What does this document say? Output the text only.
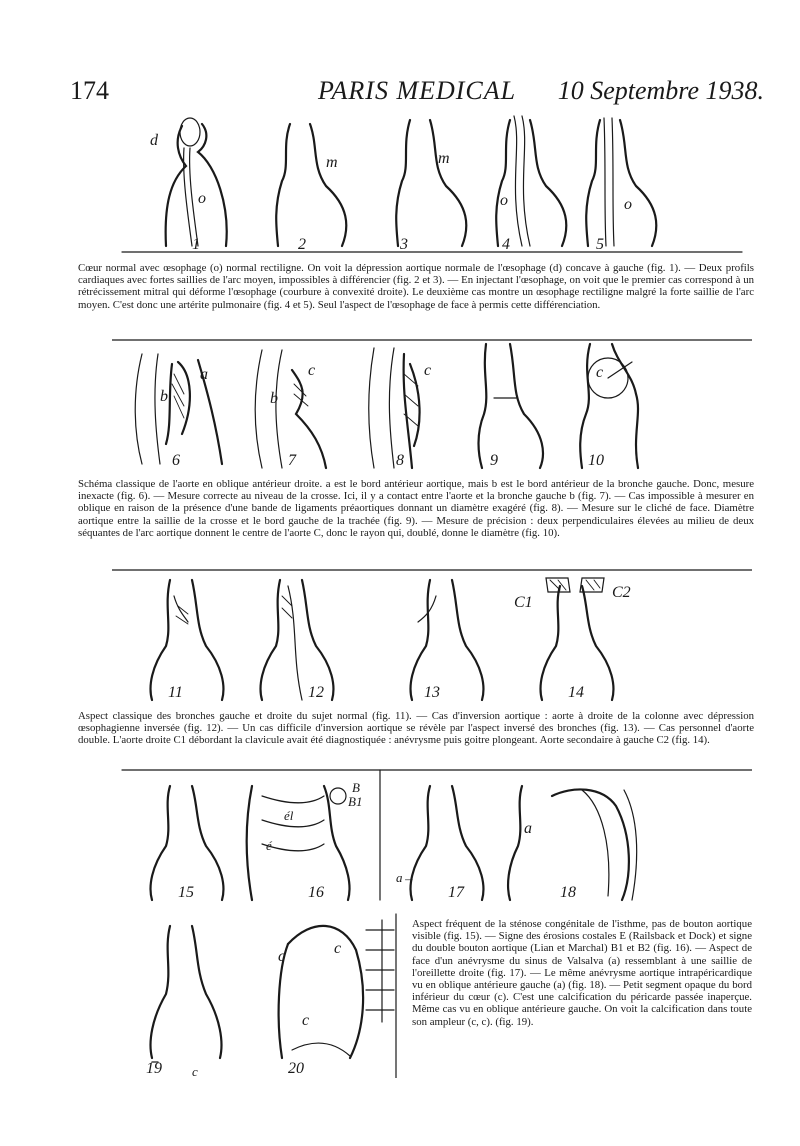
174	PARIS MEDICAL 10 Septembre 1938.
1	2	3	4	5
d
o
m	m
o	o

Cœur normal avec œsophage (o) normal rectiligne. On voit la dépression aortique normale de l'œsophage (d) concave à gauche (fig. 1). — Deux profils cardiaques avec fortes saillies de l'arc moyen, impossibles à différencier (fig. 2 et 3). — En injectant l'œsophage, on voit que le premier cas correspond à un rétrécissement mitral qui déforme l'œsophage (courbure à convexité droite). Le deuxième cas montre un œsophage rectiligne malgré la forte saillie de l'arc moyen. C'est donc une artérite pulmonaire (fig. 4 et 5). Seul l'aspect de l'œsophage de face à permis cette différenciation.

6	7	8	9	10
a
b
c
b
c	c

Schéma classique de l'aorte en oblique antérieur droite. a est le bord antérieur aortique, mais b est le bord antérieur de la bronche gauche. Donc, mesure inexacte (fig. 6). — Mesure correcte au niveau de la crosse. Ici, il y a contact entre l'aorte et la bronche gauche b (fig. 7). — Cas impossible à mesurer en oblique en raison de la présence d'une bande de ligaments préaortiques donnant un diamètre exagéré (fig. 8). — Mesure sur le cliché de face. Diamètre aortique entre la saillie de la crosse et le bord gauche de la trachée (fig. 9). — Mesure de précision : deux perpendiculaires élevées au milieu de deux séquantes de l'arc aortique donnent le centre de l'aorte C, donc le rayon qui, doublé, donne le diamètre (fig. 10).

11	12	13	14
C1
C2

Aspect classique des bronches gauche et droite du sujet normal (fig. 11). — Cas d'inversion aortique : aorte à droite de la colonne avec dépression œsophagienne inversée (fig. 12). — Un cas difficile d'inversion aortique se révèle par l'aspect inversé des bronches (fig. 13). — Cas personnel d'aorte double. L'aorte droite C1 débordant la clavicule avait été diagnostiquée : anévrysme puis goitre plongeant. Aorte secondaire à gauche C2 (fig. 14).

15	16	17	18
B
B1
él
é
a→
a
19 c	20
c	c
c

Aspect fréquent de la sténose congénitale de l'isthme, pas de bouton aortique visible (fig. 15). — Signe des érosions costales E (Railsback et Dock) et signe du double bouton aortique (Lian et Marchal) B1 et B2 (fig. 16). — Aspect de face d'un anévrysme du sinus de Valsalva (a) ressemblant à une saillie de l'oreillette droite (fig. 17). — Le même anévrysme aortique intrapéricardique vu en oblique antérieure gauche (a) (fig. 18). — Petit segment opaque du bord inférieur du cœur (c). C'est une calcification du péricarde passée inaperçue. Même cas vu en oblique antérieure gauche. On voit la calcification dans toute son ampleur (c, c). (fig. 19).
